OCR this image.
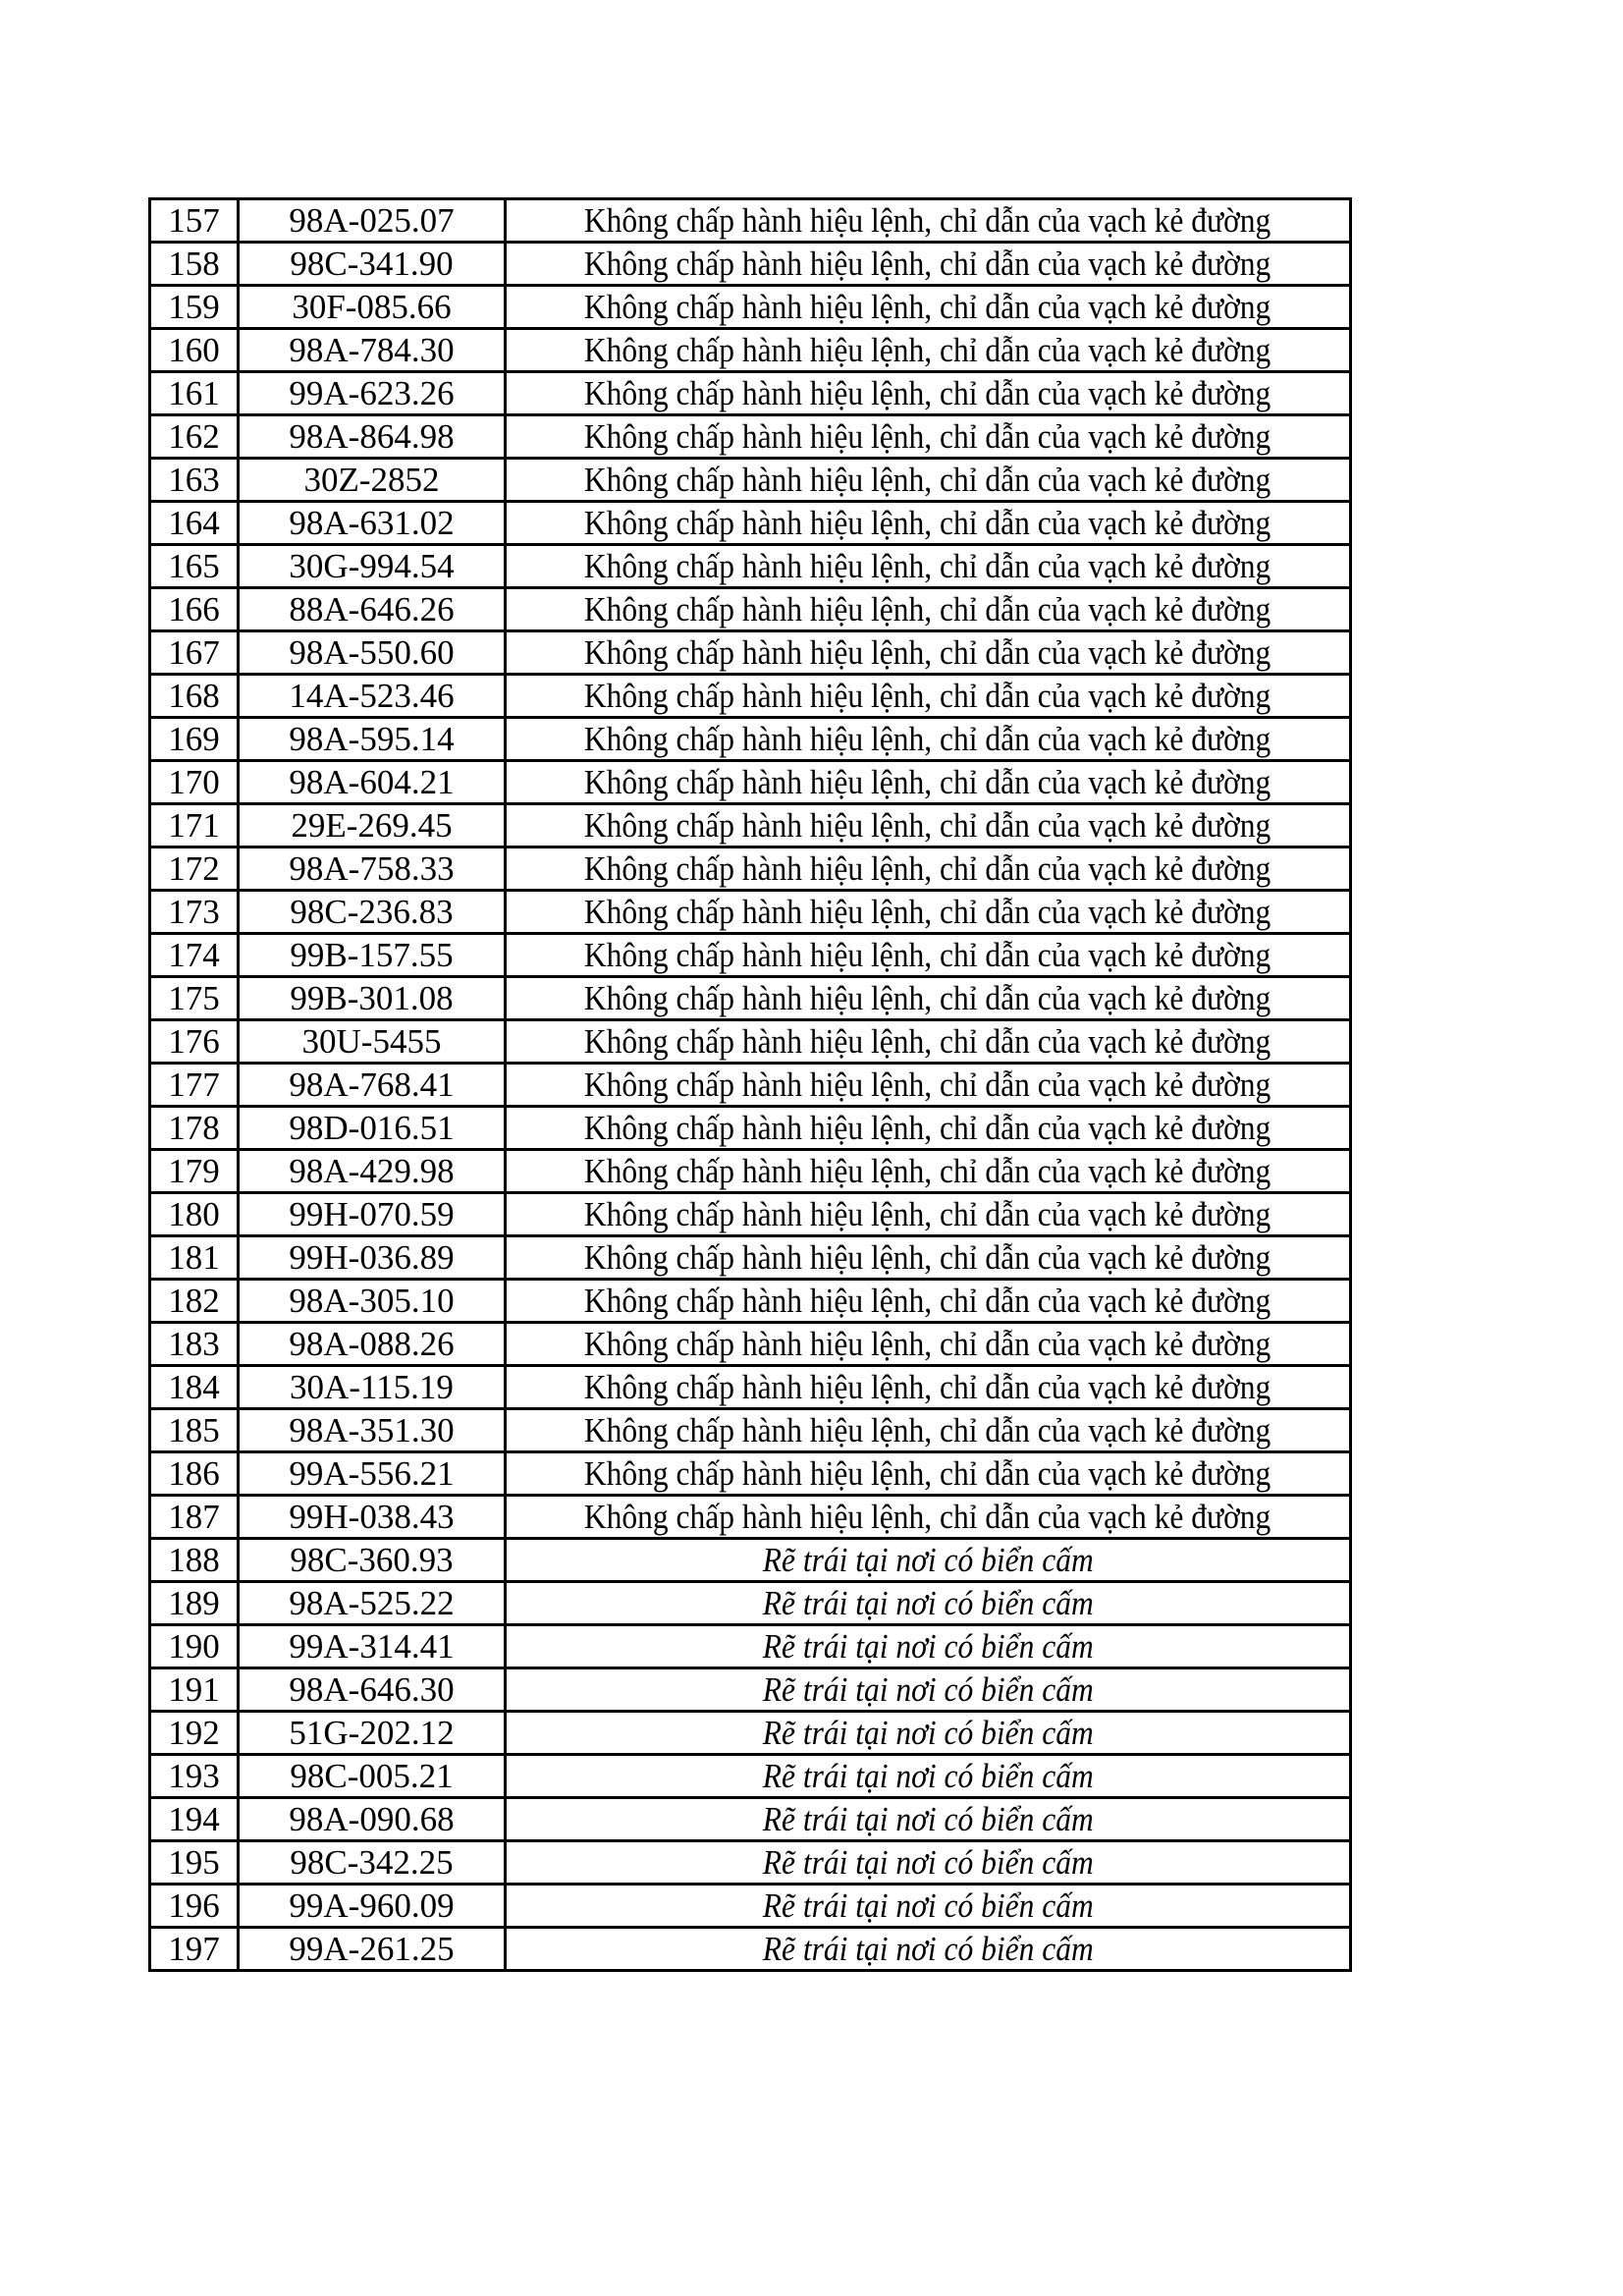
157	98A-025.07	Không chấp hành hiệu lệnh, chỉ dẫn của vạch kẻ đường
158	98C-341.90	Không chấp hành hiệu lệnh, chỉ dẫn của vạch kẻ đường
159	30F-085.66	Không chấp hành hiệu lệnh, chỉ dẫn của vạch kẻ đường
160	98A-784.30	Không chấp hành hiệu lệnh, chỉ dẫn của vạch kẻ đường
161	99A-623.26	Không chấp hành hiệu lệnh, chỉ dẫn của vạch kẻ đường
162	98A-864.98	Không chấp hành hiệu lệnh, chỉ dẫn của vạch kẻ đường
163	30Z-2852	Không chấp hành hiệu lệnh, chỉ dẫn của vạch kẻ đường
164	98A-631.02	Không chấp hành hiệu lệnh, chỉ dẫn của vạch kẻ đường
165	30G-994.54	Không chấp hành hiệu lệnh, chỉ dẫn của vạch kẻ đường
166	88A-646.26	Không chấp hành hiệu lệnh, chỉ dẫn của vạch kẻ đường
167	98A-550.60	Không chấp hành hiệu lệnh, chỉ dẫn của vạch kẻ đường
168	14A-523.46	Không chấp hành hiệu lệnh, chỉ dẫn của vạch kẻ đường
169	98A-595.14	Không chấp hành hiệu lệnh, chỉ dẫn của vạch kẻ đường
170	98A-604.21	Không chấp hành hiệu lệnh, chỉ dẫn của vạch kẻ đường
171	29E-269.45	Không chấp hành hiệu lệnh, chỉ dẫn của vạch kẻ đường
172	98A-758.33	Không chấp hành hiệu lệnh, chỉ dẫn của vạch kẻ đường
173	98C-236.83	Không chấp hành hiệu lệnh, chỉ dẫn của vạch kẻ đường
174	99B-157.55	Không chấp hành hiệu lệnh, chỉ dẫn của vạch kẻ đường
175	99B-301.08	Không chấp hành hiệu lệnh, chỉ dẫn của vạch kẻ đường
176	30U-5455	Không chấp hành hiệu lệnh, chỉ dẫn của vạch kẻ đường
177	98A-768.41	Không chấp hành hiệu lệnh, chỉ dẫn của vạch kẻ đường
178	98D-016.51	Không chấp hành hiệu lệnh, chỉ dẫn của vạch kẻ đường
179	98A-429.98	Không chấp hành hiệu lệnh, chỉ dẫn của vạch kẻ đường
180	99H-070.59	Không chấp hành hiệu lệnh, chỉ dẫn của vạch kẻ đường
181	99H-036.89	Không chấp hành hiệu lệnh, chỉ dẫn của vạch kẻ đường
182	98A-305.10	Không chấp hành hiệu lệnh, chỉ dẫn của vạch kẻ đường
183	98A-088.26	Không chấp hành hiệu lệnh, chỉ dẫn của vạch kẻ đường
184	30A-115.19	Không chấp hành hiệu lệnh, chỉ dẫn của vạch kẻ đường
185	98A-351.30	Không chấp hành hiệu lệnh, chỉ dẫn của vạch kẻ đường
186	99A-556.21	Không chấp hành hiệu lệnh, chỉ dẫn của vạch kẻ đường
187	99H-038.43	Không chấp hành hiệu lệnh, chỉ dẫn của vạch kẻ đường
188	98C-360.93	Rẽ trái tại nơi có biển cấm
189	98A-525.22	Rẽ trái tại nơi có biển cấm
190	99A-314.41	Rẽ trái tại nơi có biển cấm
191	98A-646.30	Rẽ trái tại nơi có biển cấm
192	51G-202.12	Rẽ trái tại nơi có biển cấm
193	98C-005.21	Rẽ trái tại nơi có biển cấm
194	98A-090.68	Rẽ trái tại nơi có biển cấm
195	98C-342.25	Rẽ trái tại nơi có biển cấm
196	99A-960.09	Rẽ trái tại nơi có biển cấm
197	99A-261.25	Rẽ trái tại nơi có biển cấm
